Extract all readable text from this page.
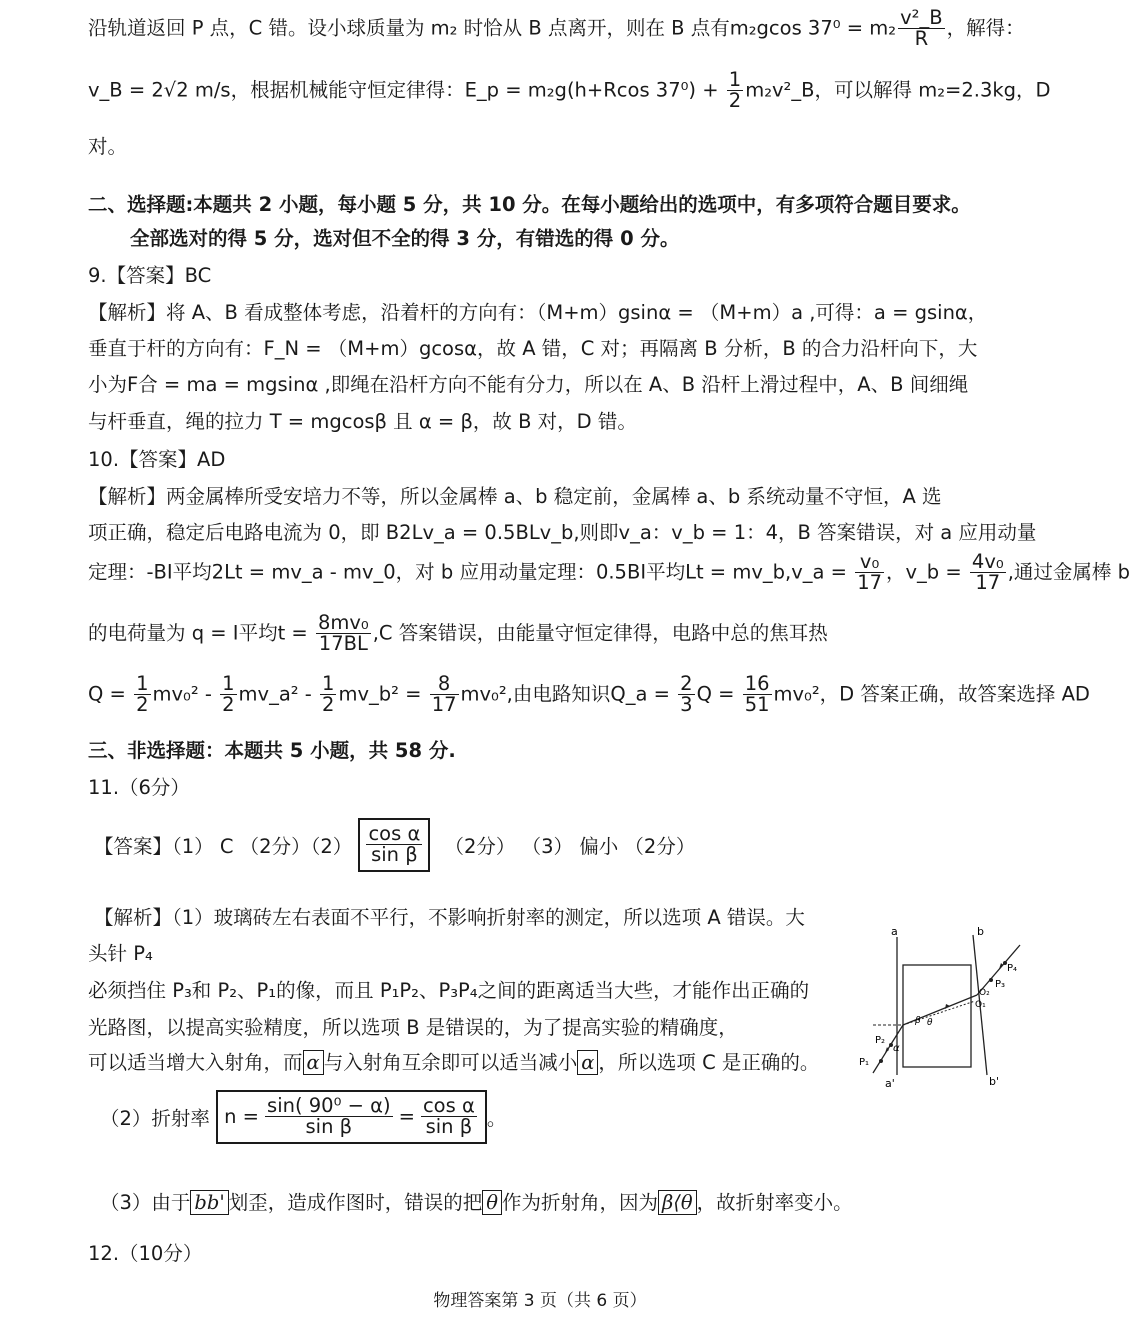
沿轨道返回 P 点，C 错。设小球质量为 m₂ 时恰从 B 点离开，则在 B 点有m₂gcos $37^0 = m_2 \frac{\text{v²\_B}}{R}$ ，解得：
v_B = 2√2 m/s，根据机械能守恒定律得：E_p = m₂g(h+Rcos $37^0) + \frac{1}{2}$ m₂v²_B，可以解得 m₂=2.3kg，D
对。
二、选择题:本题共 2 小题，每小题 5 分，共 10 分。在每小题给出的选项中，有多项符合题目要求。
全部选对的得 5 分，选对但不全的得 3 分，有错选的得 0 分。
9.【答案】BC
【解析】将 A、B 看成整体考虑，沿着杆的方向有：（M+m）gsinα = （M+m）a ,可得：a = gsinα，
垂直于杆的方向有：F_N = （M+m）gcosα，故 A 错，C 对；再隔离 B 分析，B 的合力沿杆向下，大
小为F合 = ma = mgsinα ,即绳在沿杆方向不能有分力，所以在 A、B 沿杆上滑过程中，A、B 间细绳
与杆垂直，绳的拉力 T = mgcosβ 且 α = β，故 B 对，D 错。
10.【答案】AD
【解析】两金属棒所受安培力不等，所以金属棒 a、b 稳定前，金属棒 a、b 系统动量不守恒，A 选
项正确，稳定后电路电流为 0，即 B2Lv_a = 0.5BLv_b,则即v_a：v_b = 1：4，B 答案错误，对 a 应用动量
定理：-BI平均2Lt = mv_a - mv_0，对 b 应用动量定理：0.5BI平均Lt = mv_b,v_a = $\frac{\text{v₀}}{17}$ ，v_b = $\frac{\text{4v₀}}{17}$ ,通过金属棒 b
的电荷量为 q = I平均$t = \frac{\text{8mv₀}}{17BL} ,C$ 答案错误，由能量守恒定律得，电路中总的焦耳热
$Q = \frac{1}{2} mv_0^2 - \frac{1}{2}$ mv_a² - $\frac{1}{2}$ mv_b² = $\frac{8}{17} mv_0^2$,由电路知识Q_a = $\frac{2}{3}$ $Q = \frac{16}{51} mv_0^2$，D 答案正确，故答案选择 AD
三、非选择题：本题共 5 小题，共 58 分.
11.（6分）
【答案】（1） C （2分）$(2) \frac{\text{cos α}}{\text{sin β}} (2$分） （3） 偏小 （2分）
【解析】（1）玻璃砖左右表面不平行，不影响折射率的测定，所以选项 A 错误。大
头针 P₄
必须挡住 P₃和 P₂、P₁的像，而且 P₁P₂、P₃P₄之间的距离适当大些，才能作出正确的
光路图，以提高实验精度，所以选项 B 是错误的，为了提高实验的精确度，
可以适当增大入射角，而 α 与入射角互余即可以适当减小 α ，所以选项 C 是正确的。
（2）折射率 $n = \frac{\text{sin( 90⁰ − α)}}{\text{sin β}} = \frac{\text{cos α}}{\text{sin β}}$ 。
（3）由于 bb' 划歪，造成作图时，错误的把 θ 作为折射角，因为 β⟨θ ，故折射率变小。
12.（10分）
a	b
a'	b'
P₁
P₂
P₃
P₄
α
β θ
O₁
O₂
物理答案第 3 页（共 6 页）
